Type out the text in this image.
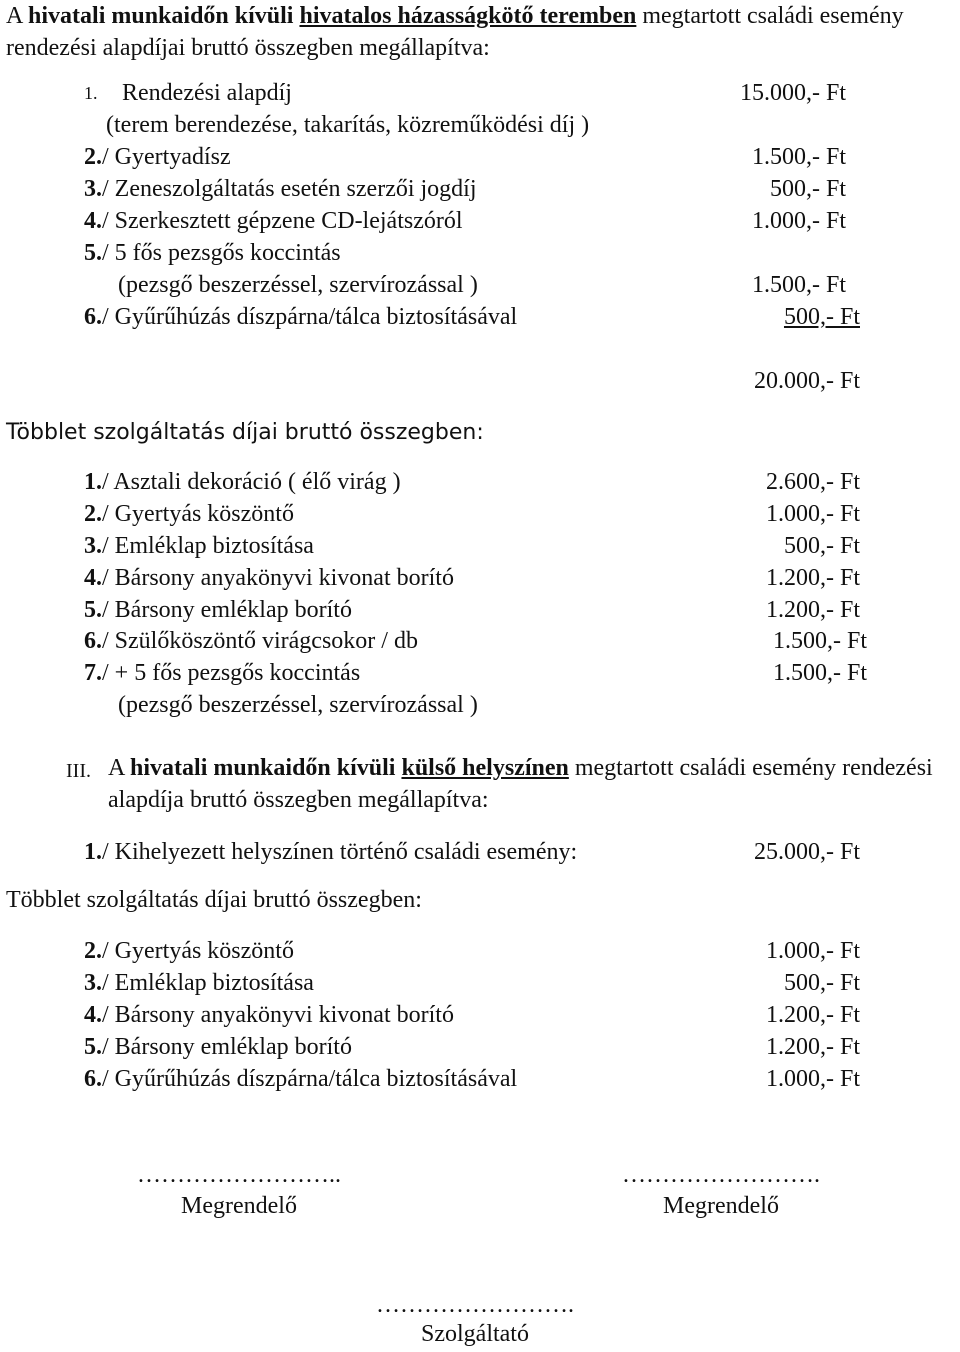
A hivatali munkaidőn kívüli hivatalos házasságkötő teremben megtartott családi esemény rendezési alapdíjai bruttó összegben megállapítva:
1. Rendezési alapdíj	15.000,- Ft
(terem berendezése, takarítás, közreműködési díj )
2./ Gyertyadísz	1.500,- Ft
3./ Zeneszolgáltatás esetén szerzői jogdíj	500,- Ft
4./ Szerkesztett gépzene CD-lejátszóról	1.000,- Ft
5./ 5 fős pezsgős koccintás
(pezsgő beszerzéssel, szervírozással )	1.500,- Ft
6./ Gyűrűhúzás díszpárna/tálca biztosításával	500,- Ft
20.000,- Ft
Többlet szolgáltatás díjai bruttó összegben:
1./ Asztali dekoráció ( élő virág )	2.600,- Ft
2./ Gyertyás köszöntő	1.000,- Ft
3./ Emléklap biztosítása	500,- Ft
4./ Bársony anyakönyvi kivonat borító	1.200,- Ft
5./ Bársony emléklap borító	1.200,- Ft
6./ Szülőköszöntő virágcsokor / db	1.500,- Ft
7./ + 5 fős pezsgős koccintás	1.500,- Ft
(pezsgő beszerzéssel, szervírozással )
III. A hivatali munkaidőn kívüli külső helyszínen megtartott családi esemény rendezési alapdíja bruttó összegben megállapítva:
1./ Kihelyezett helyszínen történő családi esemény:	25.000,- Ft
Többlet szolgáltatás díjai bruttó összegben:
2./ Gyertyás köszöntő	1.000,- Ft
3./ Emléklap biztosítása	500,- Ft
4./ Bársony anyakönyvi kivonat borító	1.200,- Ft
5./ Bársony emléklap borító	1.200,- Ft
6./ Gyűrűhúzás díszpárna/tálca biztosításával	1.000,- Ft
……………………..
Megrendelő
…………………….
Megrendelő
…………………….
Szolgáltató
